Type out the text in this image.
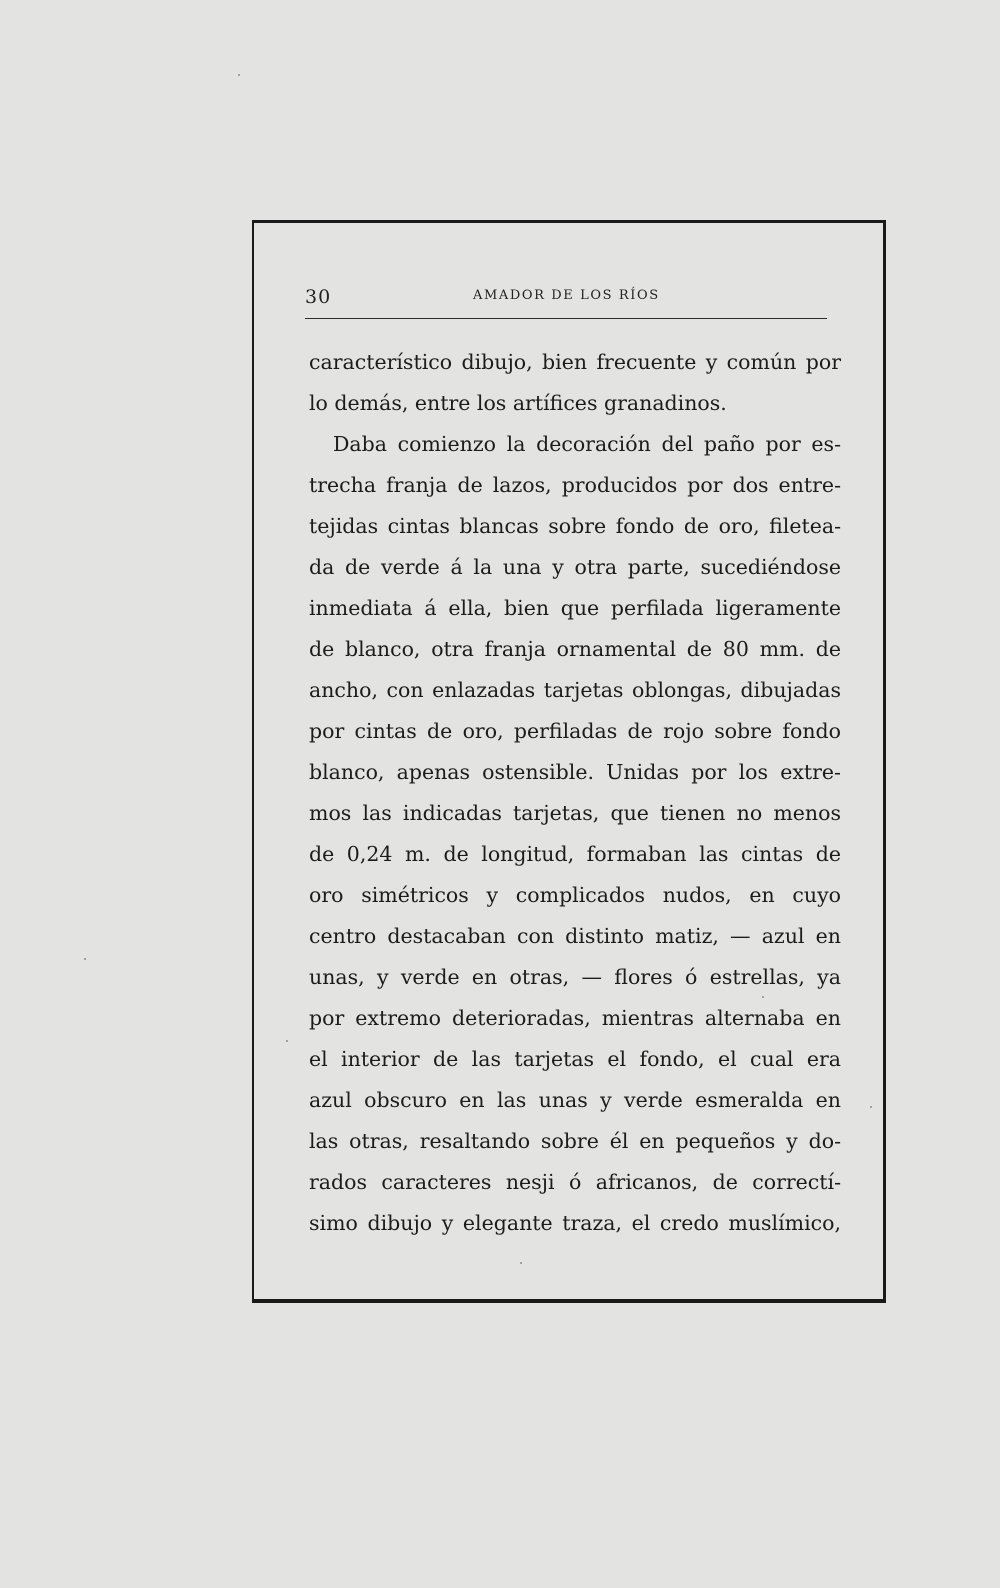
30	AMADOR DE LOS RÍOS
característico dibujo, bien frecuente y común por
lo demás, entre los artífices granadinos.
Daba comienzo la decoración del paño por es-
trecha franja de lazos, producidos por dos entre-
tejidas cintas blancas sobre fondo de oro, filetea-
da de verde á la una y otra parte, sucediéndose
inmediata á ella, bien que perfilada ligeramente
de blanco, otra franja ornamental de 80 mm. de
ancho, con enlazadas tarjetas oblongas, dibujadas
por cintas de oro, perfiladas de rojo sobre fondo
blanco, apenas ostensible. Unidas por los extre-
mos las indicadas tarjetas, que tienen no menos
de 0,24 m. de longitud, formaban las cintas de
oro simétricos y complicados nudos, en cuyo
centro destacaban con distinto matiz, — azul en
unas, y verde en otras, — flores ó estrellas, ya
por extremo deterioradas, mientras alternaba en
el interior de las tarjetas el fondo, el cual era
azul obscuro en las unas y verde esmeralda en
las otras, resaltando sobre él en pequeños y do-
rados caracteres nesji ó africanos, de correctí-
simo dibujo y elegante traza, el credo muslímico,
